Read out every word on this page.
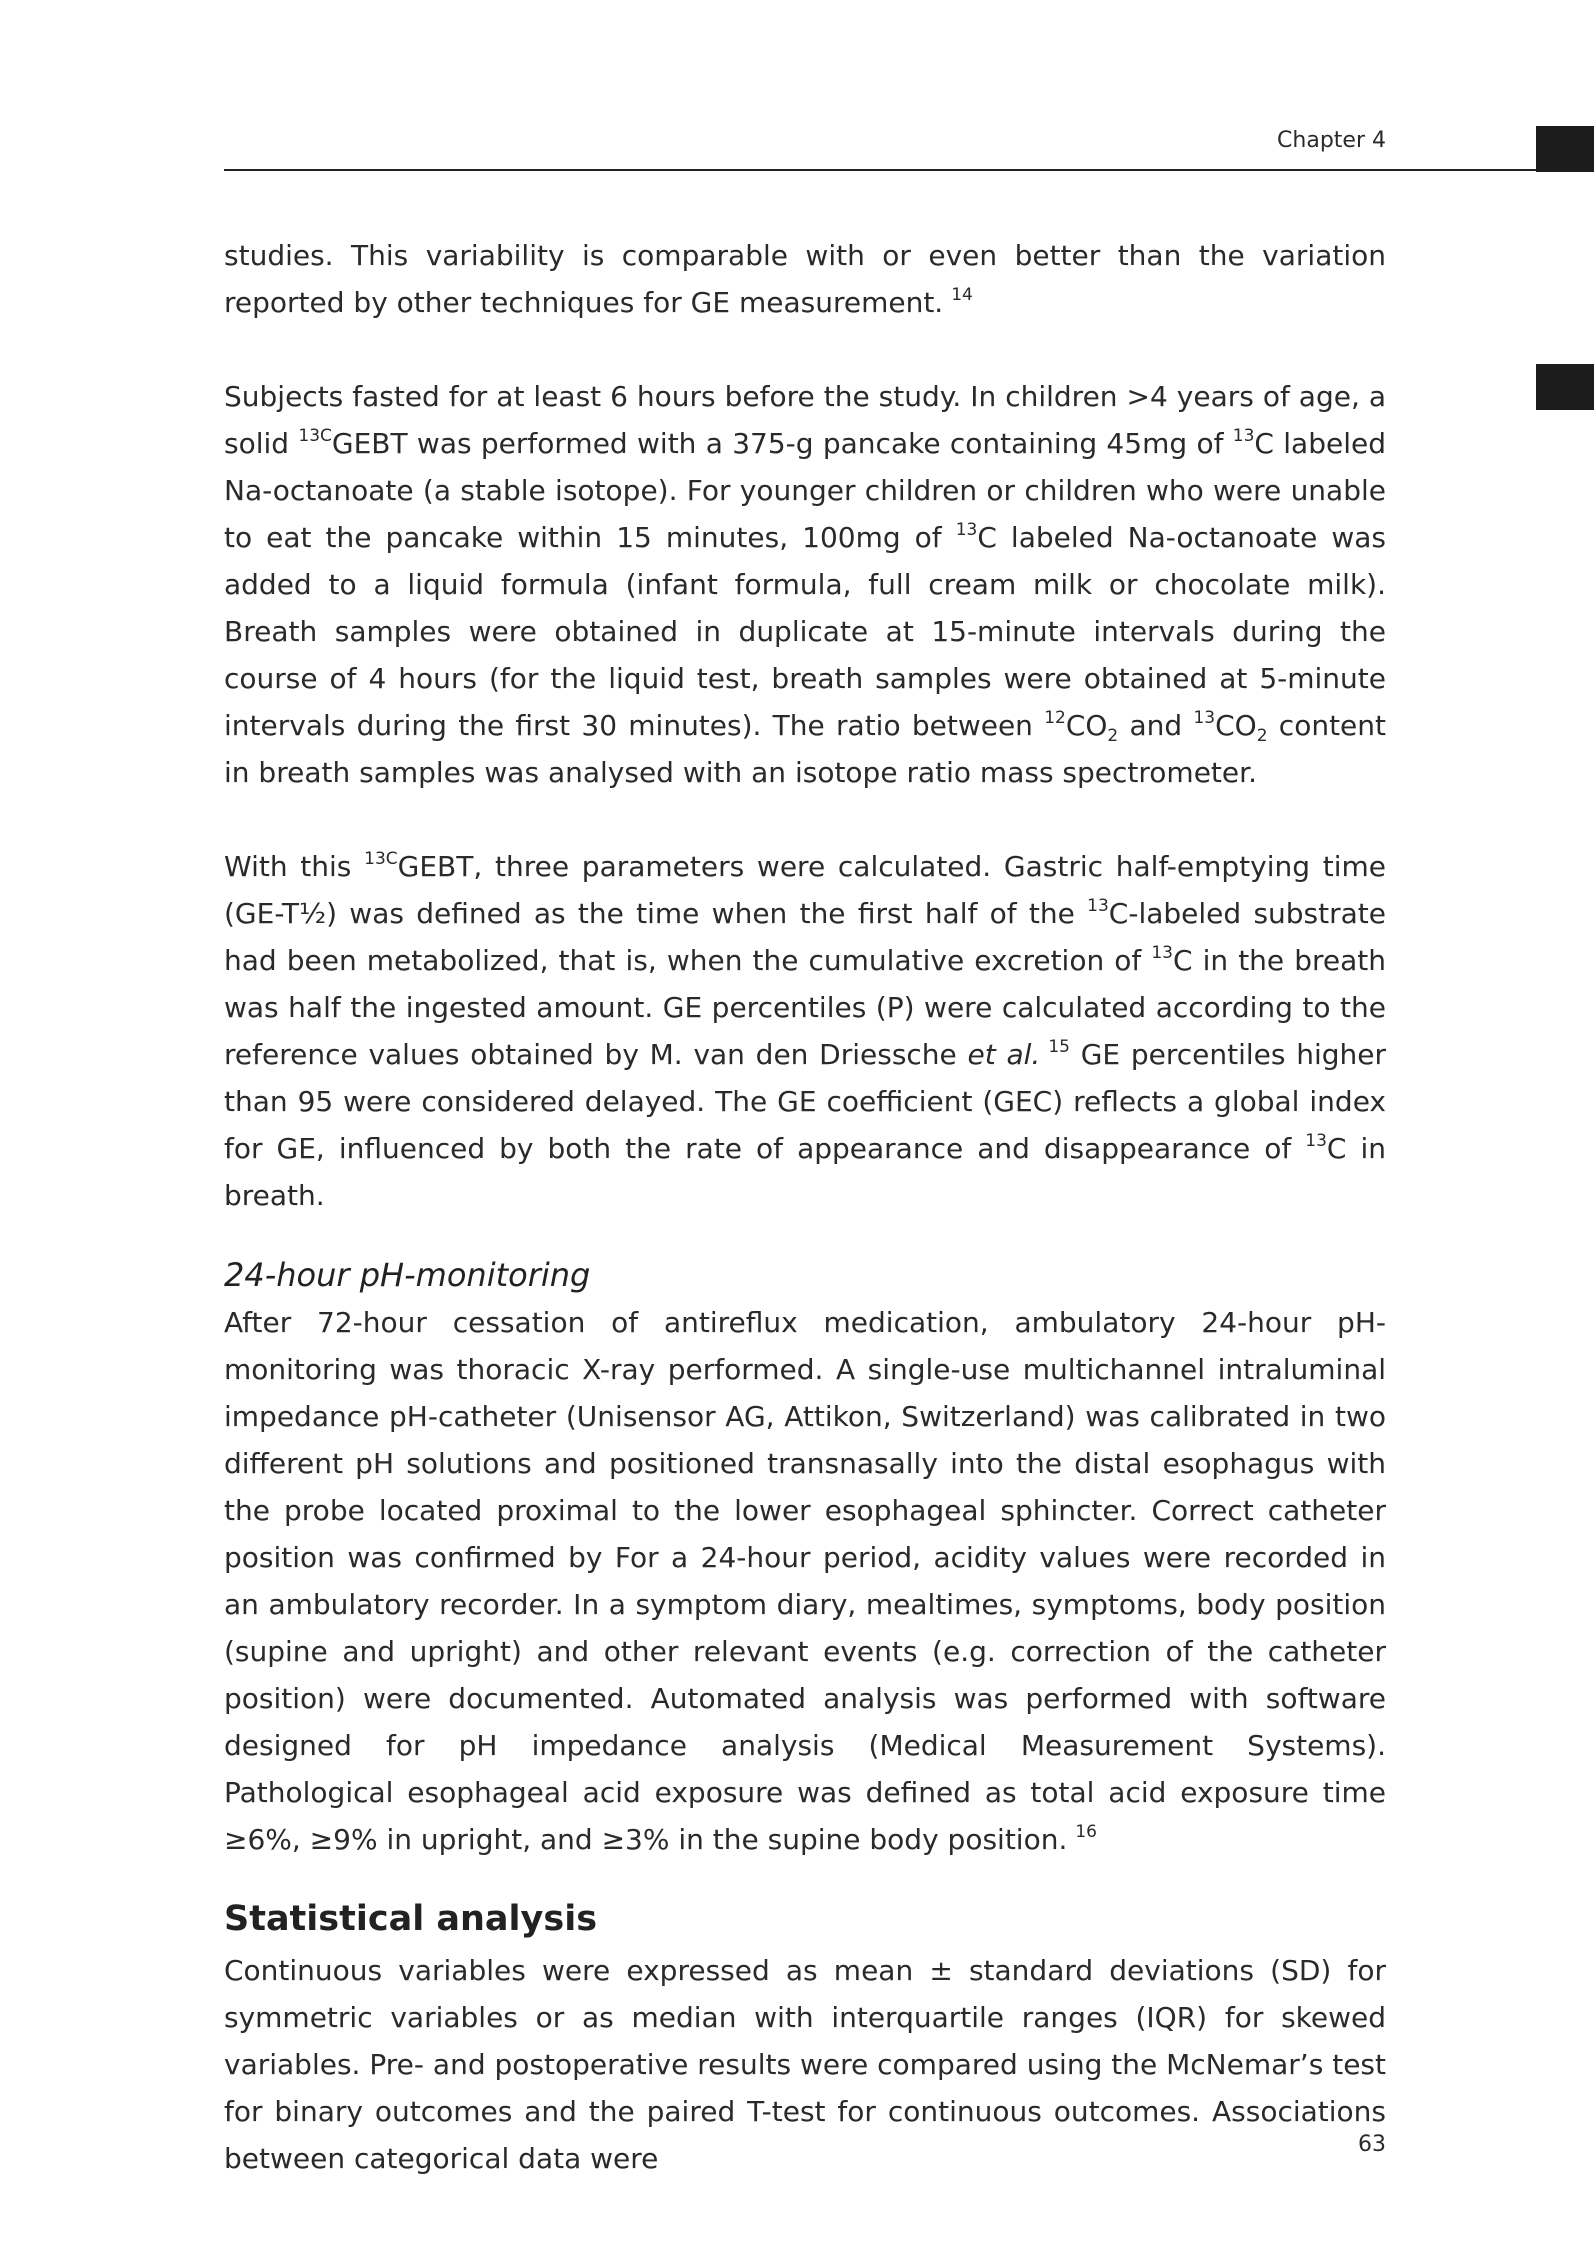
Chapter 4

studies. This variability is comparable with or even better than the variation reported by other techniques for GE measurement. $^{14}$

Subjects fasted for at least 6 hours before the study. In children >4 years of age, a solid $^{13C}$GEBT was performed with a 375-g pancake containing 45mg of $^{13}$C labeled Na-octanoate (a stable isotope). For younger children or children who were unable to eat the pancake within 15 minutes, 100mg of $^{13}$C labeled Na-octanoate was added to a liquid formula (infant formula, full cream milk or chocolate milk). Breath samples were obtained in duplicate at 15-minute intervals during the course of 4 hours (for the liquid test, breath samples were obtained at 5-minute intervals during the first 30 minutes). The ratio between $^{12}CO_2$ and $^{13}CO_2$ content in breath samples was analysed with an isotope ratio mass spectrometer.

With this $^{13C}$GEBT, three parameters were calculated. Gastric half-emptying time (GE-T½) was defined as the time when the first half of the $^{13}$C-labeled substrate had been metabolized, that is, when the cumulative excretion of $^{13}$C in the breath was half the ingested amount. GE percentiles (P) were calculated according to the reference values obtained by M. van den Driessche et al. $^{15}$ GE percentiles higher than 95 were considered delayed. The GE coefficient (GEC) reflects a global index for GE, influenced by both the rate of appearance and disappearance of $^{13}$C in breath.

24-hour pH-monitoring

After 72-hour cessation of antireflux medication, ambulatory 24-hour pH-monitoring was thoracic X-ray performed. A single-use multichannel intraluminal impedance pH-catheter (Unisensor AG, Attikon, Switzerland) was calibrated in two different pH solutions and positioned transnasally into the distal esophagus with the probe located proximal to the lower esophageal sphincter. Correct catheter position was confirmed by For a 24-hour period, acidity values were recorded in an ambulatory recorder. In a symptom diary, mealtimes, symptoms, body position (supine and upright) and other relevant events (e.g. correction of the catheter position) were documented. Automated analysis was performed with software designed for pH impedance analysis (Medical Measurement Systems). Pathological esophageal acid exposure was defined as total acid exposure time ≥6%, ≥9% in upright, and ≥3% in the supine body position. $^{16}$

Statistical analysis

Continuous variables were expressed as mean ± standard deviations (SD) for symmetric variables or as median with interquartile ranges (IQR) for skewed variables. Pre- and postoperative results were compared using the McNemar’s test for binary outcomes and the paired T-test for continuous outcomes. Associations between categorical data were	63
